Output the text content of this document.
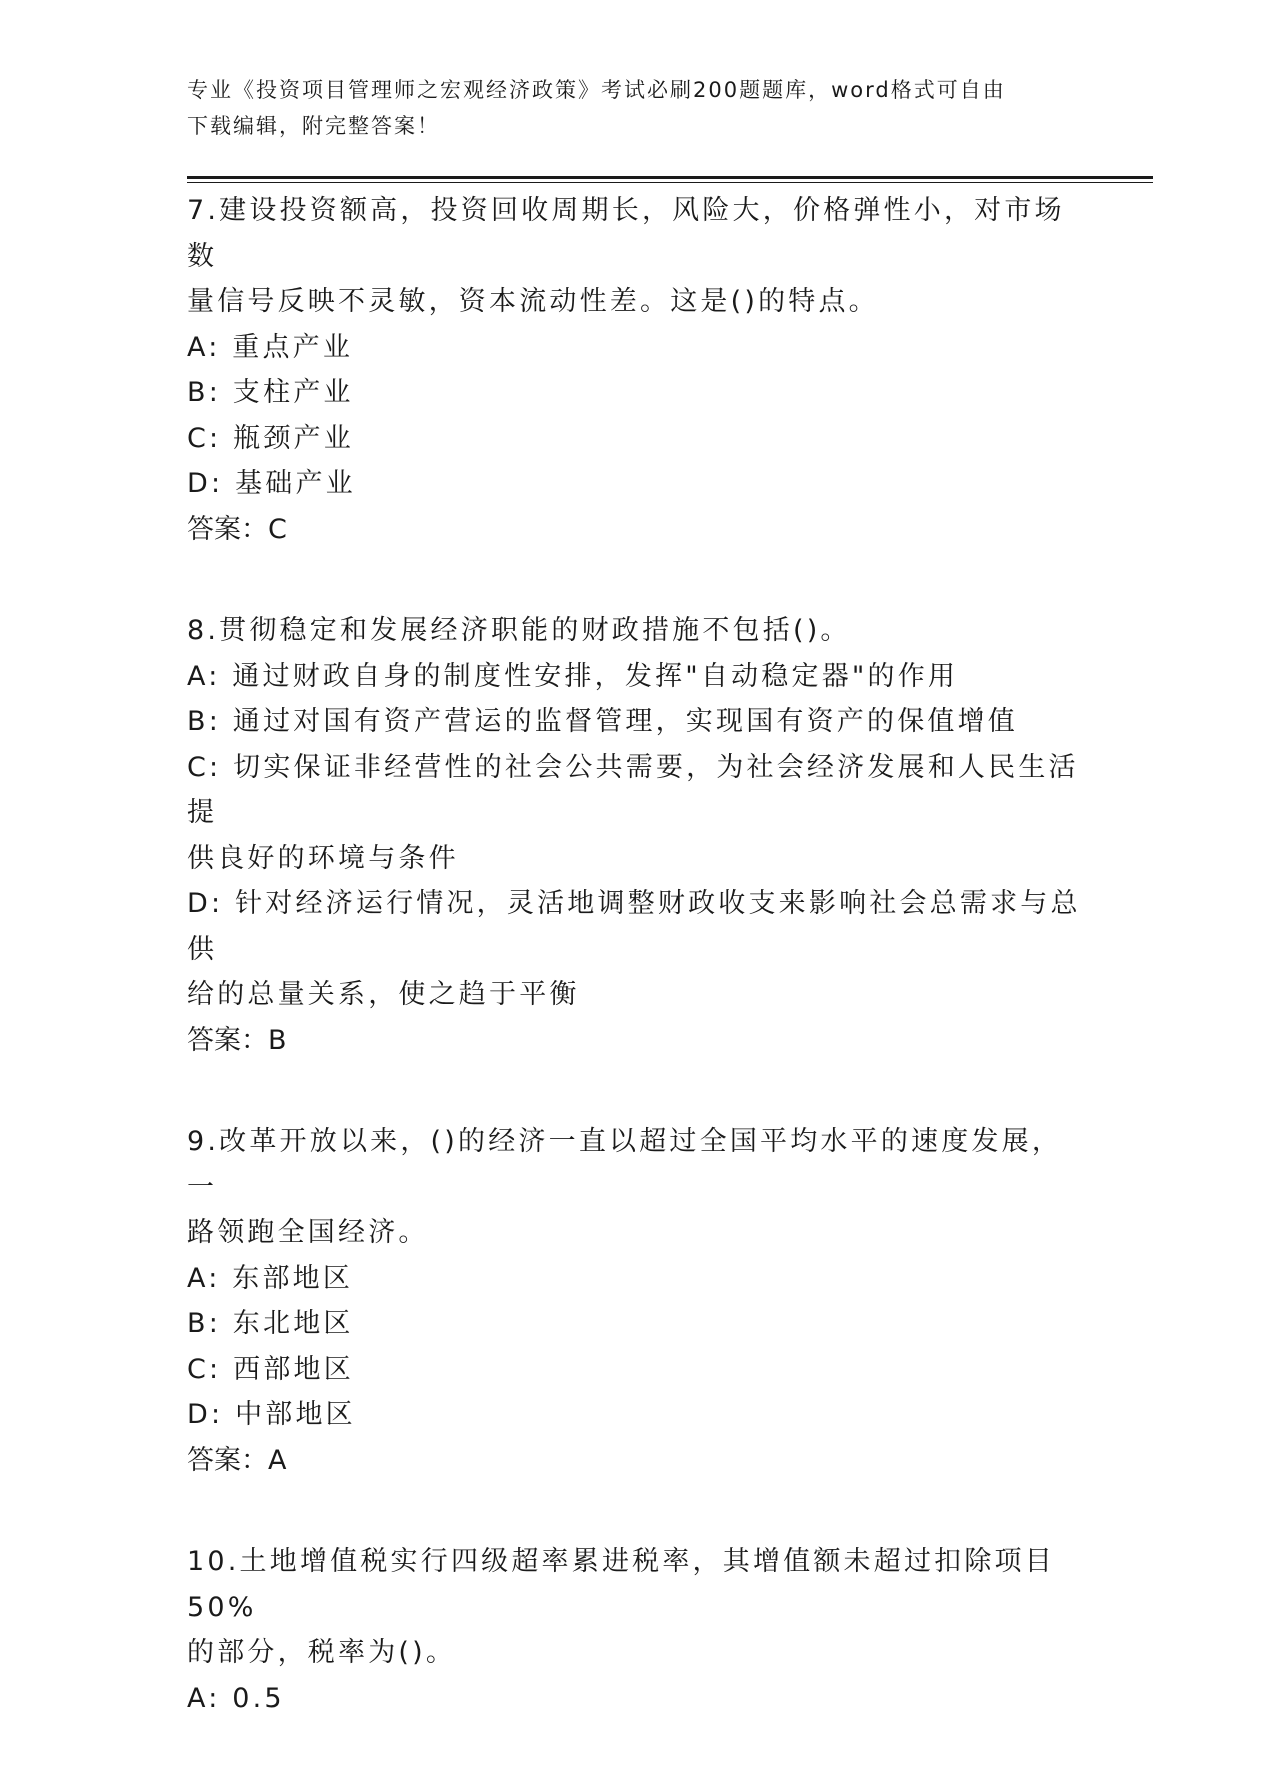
专业《投资项目管理师之宏观经济政策》考试必刷200题题库，word格式可自由
下载编辑，附完整答案！

7.建设投资额高，投资回收周期长，风险大，价格弹性小，对市场数

量信号反映不灵敏，资本流动性差。这是()的特点。

A: 重点产业

B: 支柱产业

C: 瓶颈产业

D: 基础产业

答案：C

8.贯彻稳定和发展经济职能的财政措施不包括()。

A: 通过财政自身的制度性安排，发挥"自动稳定器"的作用

B: 通过对国有资产营运的监督管理，实现国有资产的保值增值

C: 切实保证非经营性的社会公共需要，为社会经济发展和人民生活提

供良好的环境与条件

D: 针对经济运行情况，灵活地调整财政收支来影响社会总需求与总供

给的总量关系，使之趋于平衡

答案：B

9.改革开放以来，()的经济一直以超过全国平均水平的速度发展，一

路领跑全国经济。

A: 东部地区

B: 东北地区

C: 西部地区

D: 中部地区

答案：A

10.土地增值税实行四级超率累进税率，其增值额未超过扣除项目50%

的部分，税率为()。

A: 0.5
